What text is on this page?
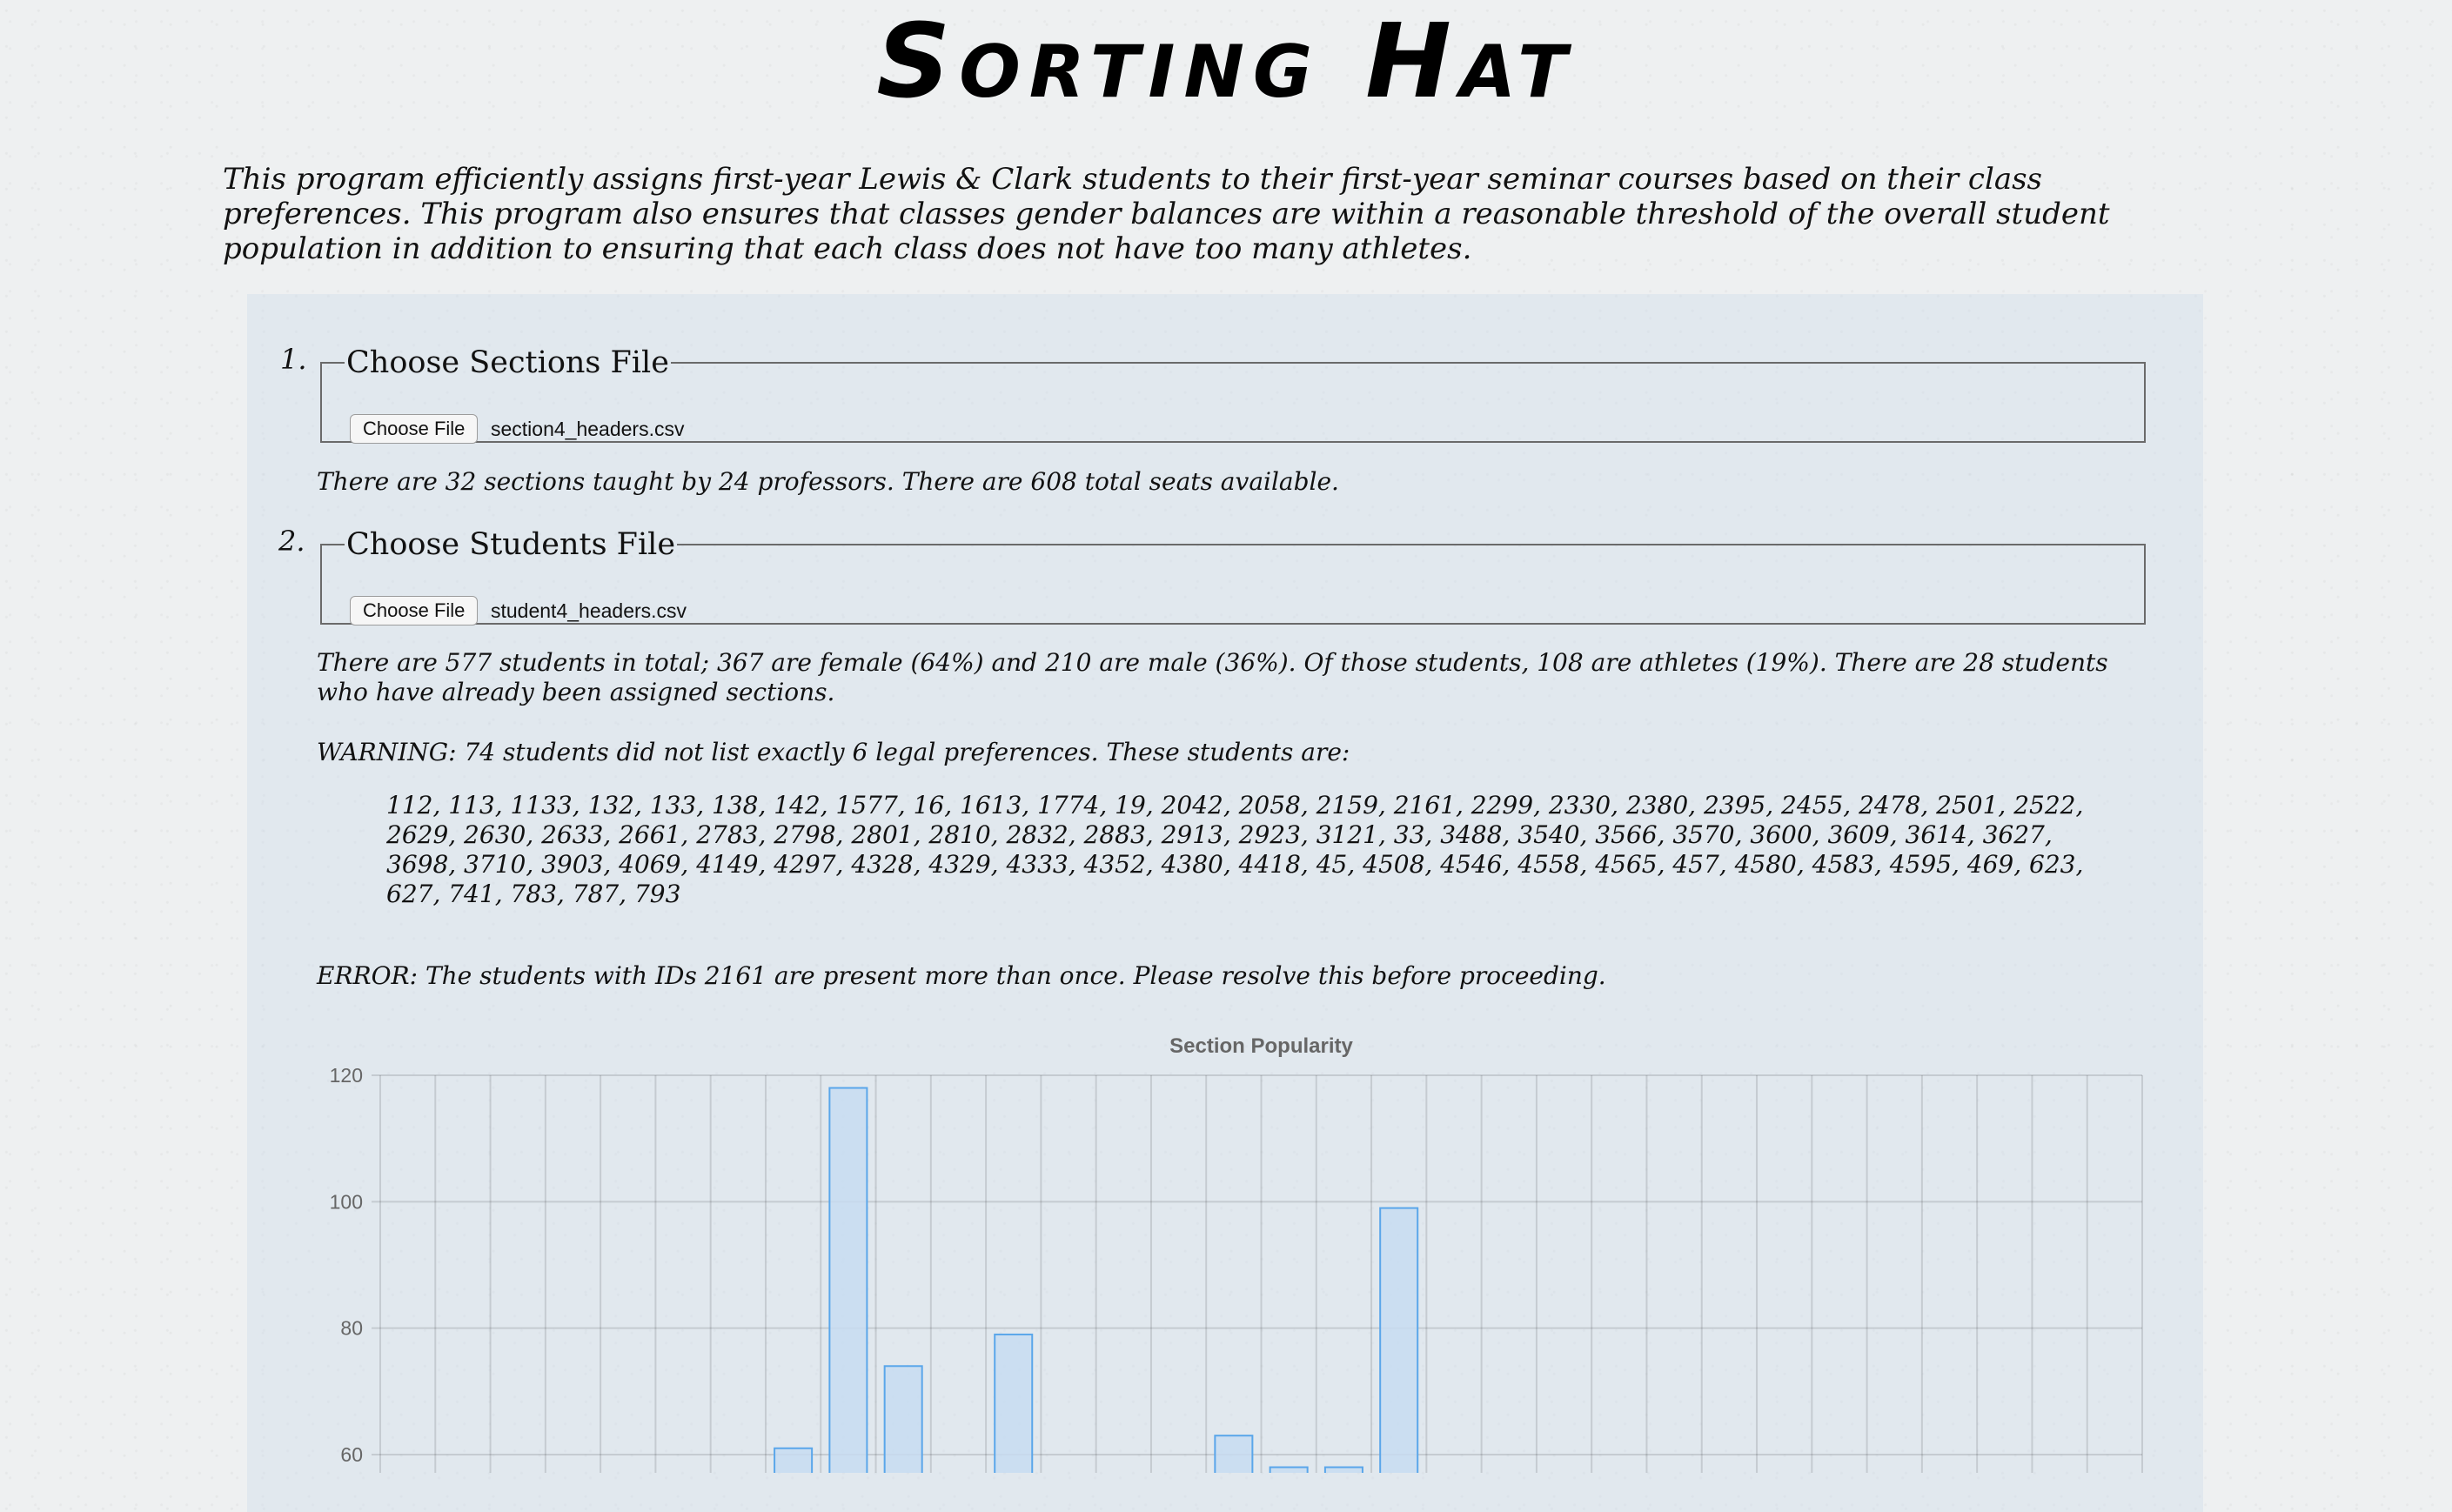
Sorting Hat
This program efficiently assigns first-year Lewis & Clark students to their first-year seminar courses based on their class preferences. This program also ensures that classes gender balances are within a reasonable threshold of the overall student population in addition to ensuring that each class does not have too many athletes.
1. Choose Sections File
Choose File	section4_headers.csv
There are 32 sections taught by 24 professors. There are 608 total seats available.
2. Choose Students File
Choose File	student4_headers.csv
There are 577 students in total; 367 are female (64%) and 210 are male (36%). Of those students, 108 are athletes (19%). There are 28 students who have already been assigned sections.
WARNING: 74 students did not list exactly 6 legal preferences. These students are:
112, 113, 1133, 132, 133, 138, 142, 1577, 16, 1613, 1774, 19, 2042, 2058, 2159, 2161, 2299, 2330, 2380, 2395, 2455, 2478, 2501, 2522, 2629, 2630, 2633, 2661, 2783, 2798, 2801, 2810, 2832, 2883, 2913, 2923, 3121, 33, 3488, 3540, 3566, 3570, 3600, 3609, 3614, 3627, 3698, 3710, 3903, 4069, 4149, 4297, 4328, 4329, 4333, 4352, 4380, 4418, 45, 4508, 4546, 4558, 4565, 457, 4580, 4583, 4595, 469, 623, 627, 741, 783, 787, 793
ERROR: The students with IDs 2161 are present more than once. Please resolve this before proceeding.
Section Popularity
60
80
100
120
